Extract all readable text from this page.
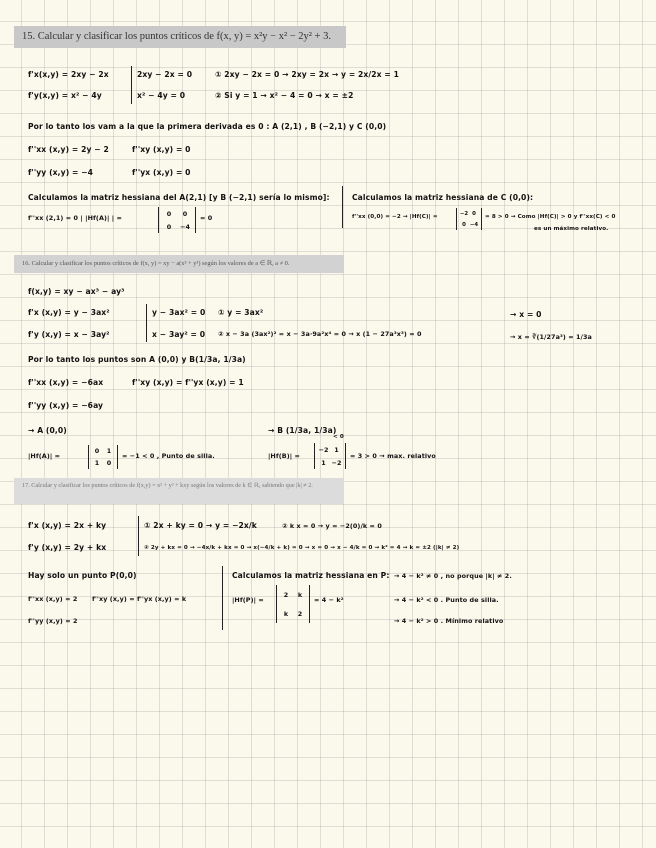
15. Calcular y clasificar los puntos críticos de f(x, y) = x²y − x² − 2y² + 3.
16. Calcular y clasificar los puntos críticos de f(x, y) = xy − a(x³ + y³) según los valores de a ∈ ℝ, a ≠ 0.
17. Calcular y clasificar los puntos críticos de f(x,y) = x² + y² + kxy según los valores de k ∈ ℝ, sabiendo que |k| ≠ 2.
f'x(x,y) = 2xy − 2x
f'y(x,y) = x² − 4y
2xy − 2x = 0
x² − 4y = 0
① 2xy − 2x = 0 → 2xy = 2x → y = 2x/2x = 1
② Si y = 1 → x² − 4 = 0 → x = ±2
Por lo tanto los vam a la que la primera derivada es 0 : A (2,1) , B (−2,1) y C (0,0)
f''xx (x,y) = 2y − 2	f''xy (x,y) = 0
f''yy (x,y) = −4	f''yx (x,y) = 0
Calculamos la matriz hessiana del A(2,1) [y B (−2,1) sería lo mismo]:
f''xx (2,1) = 0 | |Hf(A)| | =
0 0
0 −4
= 0
Calculamos la matriz hessiana de C (0,0):
f''xx (0,0) = −2 → |Hf(C)| =
−2 0
0 −4
= 8 > 0 → Como |Hf(C)| > 0 y f''xx(C) < 0
es un máximo relativo.
f(x,y) = xy − ax³ − ay³
f'x (x,y) = y − 3ax²
f'y (x,y) = x − 3ay²
y − 3ax² = 0
x − 3ay² = 0
① y = 3ax²
② x − 3a (3ax²)² = x − 3a·9a²x⁴ = 0 → x (1 − 27a³x³) = 0
→ x = 0
→ x = ∛(1/27a³) = 1/3a
Por lo tanto los puntos son A (0,0) y B(1/3a, 1/3a)
f''xx (x,y) = −6ax	f''xy (x,y) = f''yx (x,y) = 1
f''yy (x,y) = −6ay
→ A (0,0)	→ B (1/3a, 1/3a)
|Hf(A)| =
0 1
1 0
= −1 < 0 , Punto de silla.	|Hf(B)| =
< 0
−2 1
1 −2
= 3 > 0 → max. relativo
f'x (x,y) = 2x + ky
f'y (x,y) = 2y + kx
① 2x + ky = 0 → y = −2x/k	② k x = 0 → y = −2(0)/k = 0
② 2y + kx = 0 → −4x/k + kx = 0 → x(−4/k + k) = 0 → x = 0 → x − 4/k = 0 → k² = 4 → k = ±2 (|k| ≠ 2)
Hay solo un punto P(0,0)
f''xx (x,y) = 2 f''xy (x,y) = f''yx (x,y) = k
f''yy (x,y) = 2
Calculamos la matriz hessiana en P:
|Hf(P)| =
2 k
k 2
= 4 − k²
→ 4 − k² ≠ 0 , no porque |k| ≠ 2.
→ 4 − k² < 0 . Punto de silla.
→ 4 − k² > 0 . Mínimo relativo
